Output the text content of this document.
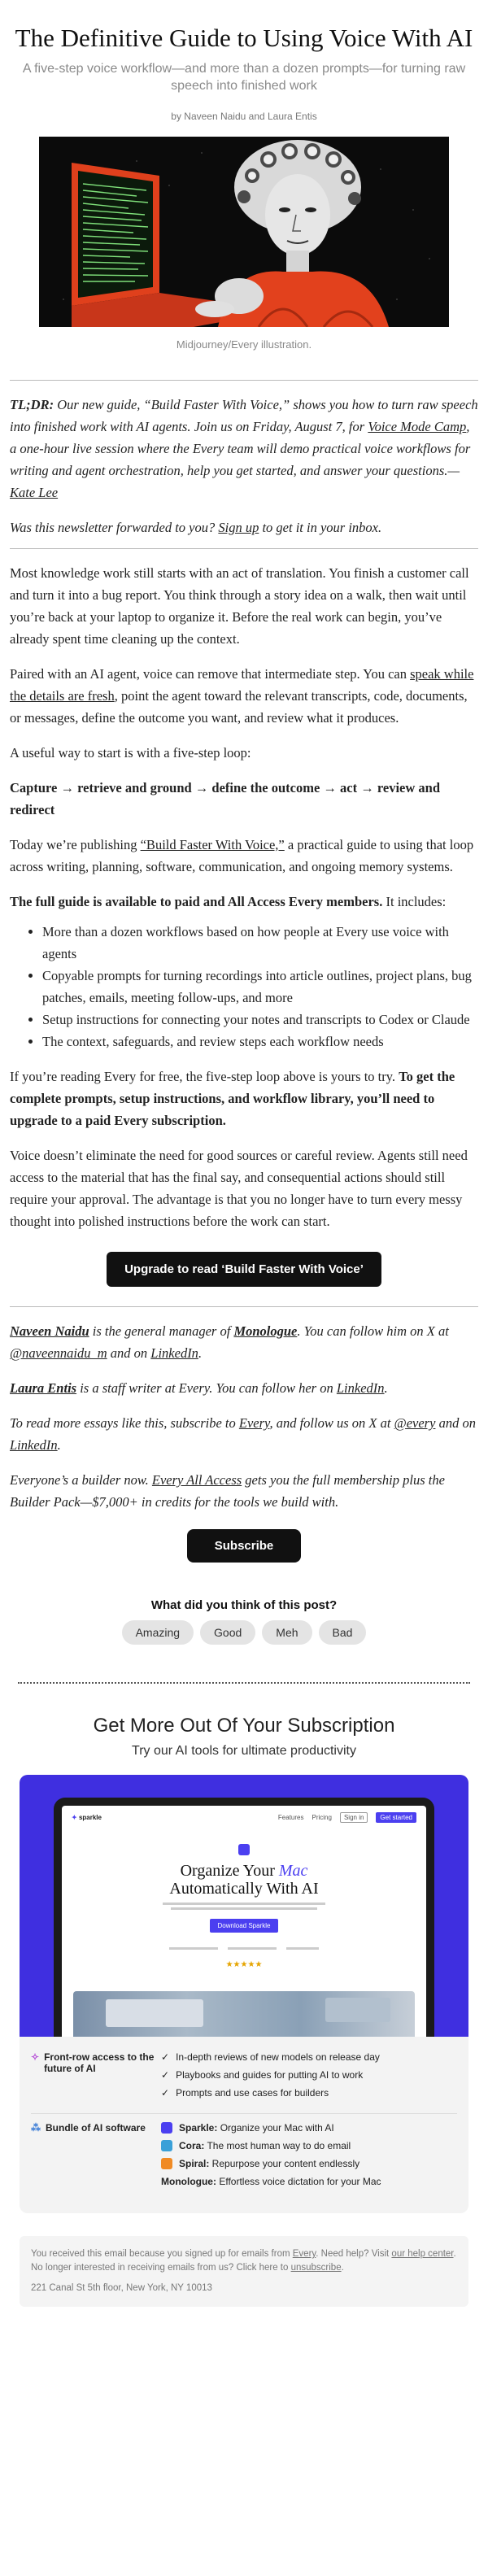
The Definitive Guide to Using Voice With AI
A five-step voice workflow—and more than a dozen prompts—for turning raw speech into finished work
by Naveen Naidu and Laura Entis
Midjourney/Every illustration.

TL;DR: Our new guide, “Build Faster With Voice,” shows you how to turn raw speech into finished work with AI agents. Join us on Friday, August 7, for Voice Mode Camp, a one-hour live session where the Every team will demo practical voice workflows for writing and agent orchestration, help you get started, and answer your questions.—Kate Lee

Was this newsletter forwarded to you? Sign up to get it in your inbox.

Most knowledge work still starts with an act of translation. You finish a customer call and turn it into a bug report. You think through a story idea on a walk, then wait until you’re back at your laptop to organize it. Before the real work can begin, you’ve already spent time cleaning up the context.

Paired with an AI agent, voice can remove that intermediate step. You can speak while the details are fresh, point the agent toward the relevant transcripts, code, documents, or messages, define the outcome you want, and review what it produces.

A useful way to start is with a five-step loop:

Capture → retrieve and ground → define the outcome → act → review and redirect

Today we’re publishing “Build Faster With Voice,” a practical guide to using that loop across writing, planning, software, communication, and ongoing memory systems.

The full guide is available to paid and All Access Every members. It includes:

• More than a dozen workflows based on how people at Every use voice with agents
• Copyable prompts for turning recordings into article outlines, project plans, bug patches, emails, meeting follow-ups, and more
• Setup instructions for connecting your notes and transcripts to Codex or Claude
• The context, safeguards, and review steps each workflow needs

If you’re reading Every for free, the five-step loop above is yours to try. To get the complete prompts, setup instructions, and workflow library, you’ll need to upgrade to a paid Every subscription.

Voice doesn’t eliminate the need for good sources or careful review. Agents still need access to the material that has the final say, and consequential actions should still require your approval. The advantage is that you no longer have to turn every messy thought into polished instructions before the work can start.

Upgrade to read ‘Build Faster With Voice’

Naveen Naidu is the general manager of Monologue. You can follow him on X at @naveennaidu_m and on LinkedIn.

Laura Entis is a staff writer at Every. You can follow her on LinkedIn.

To read more essays like this, subscribe to Every, and follow us on X at @every and on LinkedIn.

Everyone’s a builder now. Every All Access gets you the full membership plus the Builder Pack—$7,000+ in credits for the tools we build with.

Subscribe
What did you think of this post?
Amazing	Good	Meh	Bad
Get More Out Of Your Subscription
Try our AI tools for ultimate productivity
✦ sparkle	Features Pricing	Sign in	Get started
Organize Your Mac
Automatically With AI
Download Sparkle

★★★★★
✧ Front-row access to the future of AI
✓ In-depth reviews of new models on release day
✓ Playbooks and guides for putting AI to work
✓ Prompts and use cases for builders
⁂ Bundle of AI software	Sparkle: Organize your Mac with AI
Cora: The most human way to do email
Spiral: Repurpose your content endlessly
Monologue: Effortless voice dictation for your Mac
You received this email because you signed up for emails from Every. Need help? Visit our help center.
No longer interested in receiving emails from us? Click here to unsubscribe.
221 Canal St 5th floor, New York, NY 10013
